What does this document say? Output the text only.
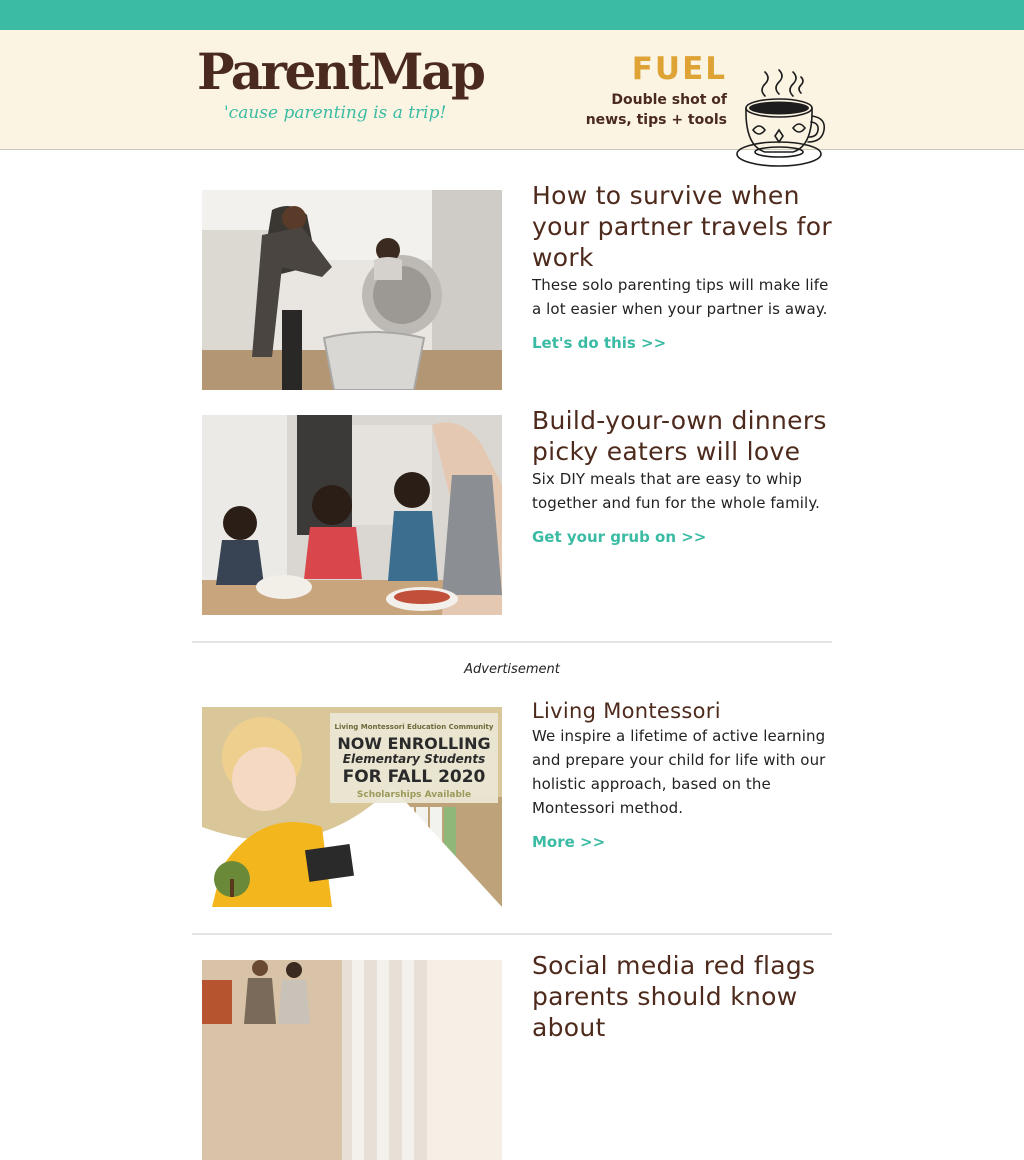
ParentMap
'cause parenting is a trip!
FUEL
Double shot of
news, tips + tools
How to survive when your partner travels for work

These solo parenting tips will make life a lot easier when your partner is away.

Let's do this >>
Build-your-own dinners picky eaters will love

Six DIY meals that are easy to whip together and fun for the whole family.

Get your grub on >>
Advertisement
Living Montessori Education Community
NOW ENROLLING
Elementary Students
FOR FALL 2020
Scholarships Available
Living Montessori

We inspire a lifetime of active learning and prepare your child for life with our holistic approach, based on the Montessori method.

More >>
Social media red flags parents should know about
